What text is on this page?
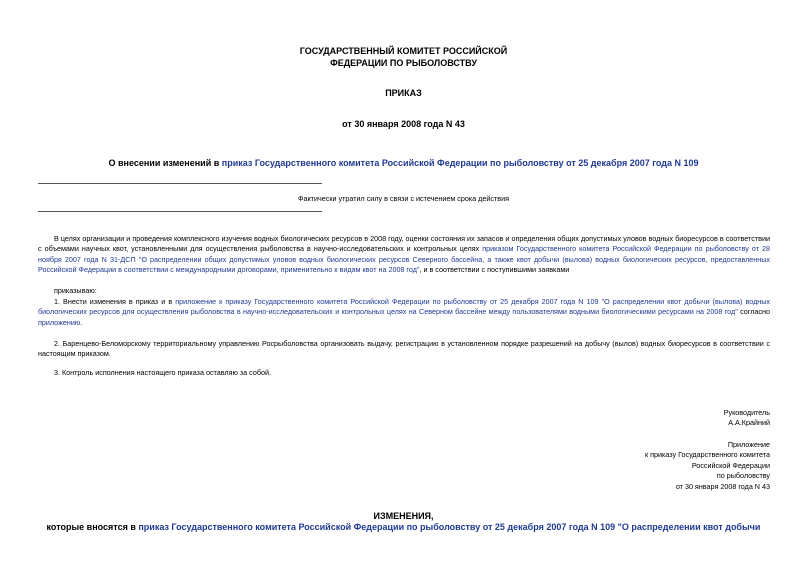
ГОСУДАРСТВЕННЫЙ КОМИТЕТ РОССИЙСКОЙ
ФЕДЕРАЦИИ ПО РЫБОЛОВСТВУ
ПРИКАЗ
от 30 января 2008 года N 43
О внесении изменений в приказ Государственного комитета Российской Федерации по рыболовству от 25 декабря 2007 года N 109
Фактически утратил силу в связи с истечением срока действия
В целях организации и проведения комплексного изучения водных биологических ресурсов в 2008 году, оценки состояния их запасов и определения общих допустимых уловов водных биоресурсов в соответствии с объемами научных квот, установленными для осуществления рыболовства в научно-исследовательских и контрольных целях приказом Государственного комитета Российской Федерации по рыболовству от 28 ноября 2007 года N 31-ДСП "О распределении общих допустимых уловов водных биологических ресурсов Северного бассейна, а также квот добычи (вылова) водных биологических ресурсов, предоставленных Российской Федерации в соответствии с международными договорами, применительно к видам квот на 2008 год", и в соответствии с поступившими заявками
приказываю:
1. Внести изменения в приказ и в приложение к приказу Государственного комитета Российской Федерации по рыболовству от 25 декабря 2007 года N 109 "О распределении квот добычи (вылова) водных биологических ресурсов для осуществления рыболовства в научно-исследовательских и контрольных целях на Северном бассейне между пользователями водными биологическими ресурсами на 2008 год" согласно приложению.
2. Баренцево-Беломорскому территориальному управлению Росрыболовства организовать выдачу, регистрацию в установленном порядке разрешений на добычу (вылов) водных биоресурсов в соответствии с настоящим приказом.
3. Контроль исполнения настоящего приказа оставляю за собой.
Руководитель
А.А.Крайний
Приложение
к приказу Государственного комитета
Российской Федерации
по рыболовству
от 30 января 2008 года N 43
ИЗМЕНЕНИЯ,
которые вносятся в приказ Государственного комитета Российской Федерации по рыболовству от 25 декабря 2007 года N 109 "О распределении квот добычи
